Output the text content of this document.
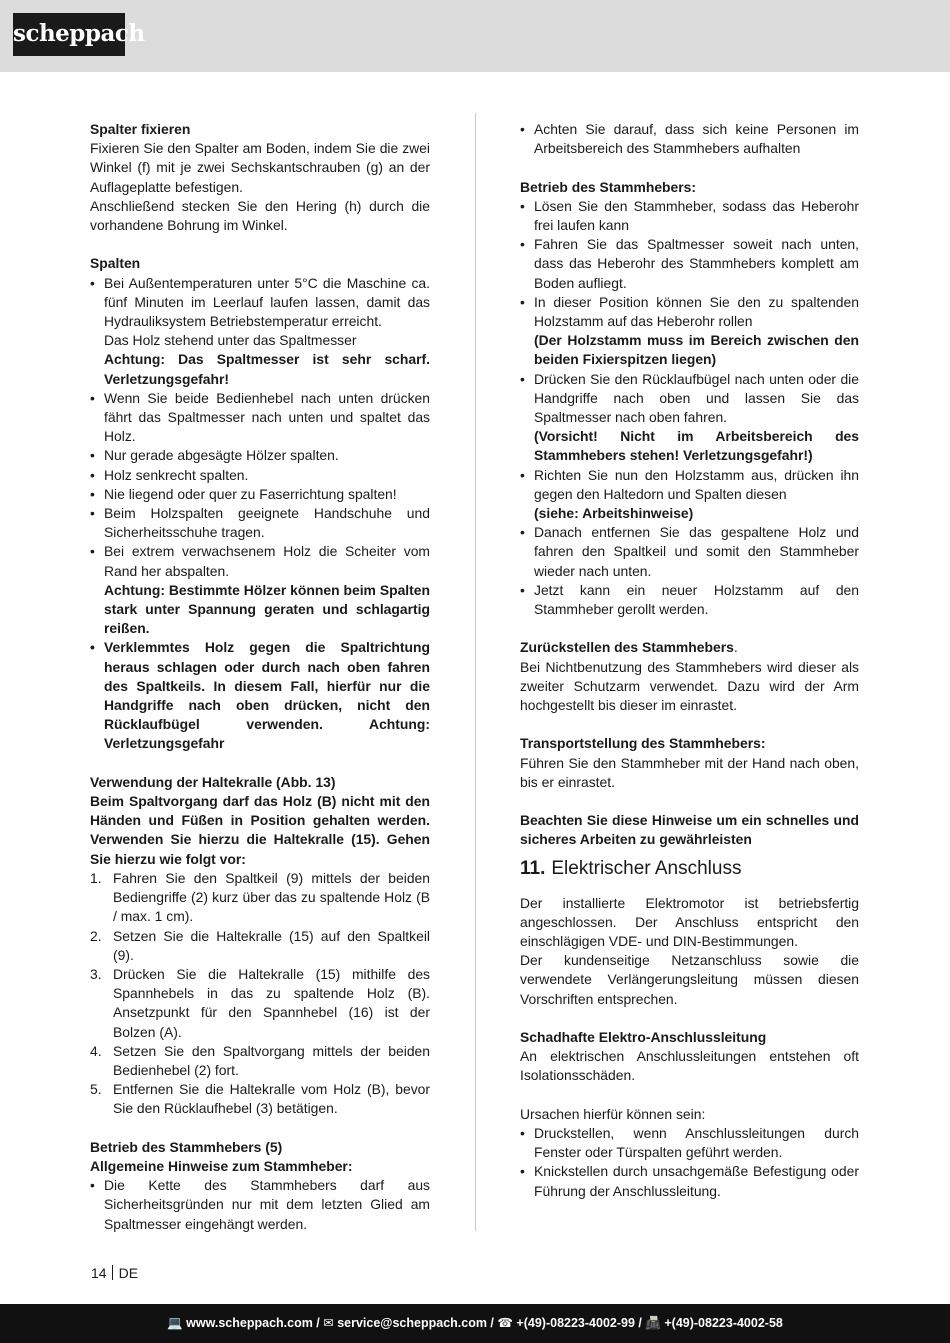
scheppach

Spalter fixieren

Fixieren Sie den Spalter am Boden, indem Sie die zwei Winkel (f) mit je zwei Sechskantschrauben (g) an der Auflageplatte befestigen.

Anschließend stecken Sie den Hering (h) durch die vorhandene Bohrung im Winkel.

Spalten

• Bei Außentemperaturen unter 5°C die Maschine ca. fünf Minuten im Leerlauf laufen lassen, damit das Hydrauliksystem Betriebstemperatur erreicht.
Das Holz stehend unter das Spaltmesser
Achtung: Das Spaltmesser ist sehr scharf. Verletzungsgefahr!
• Wenn Sie beide Bedienhebel nach unten drücken fährt das Spaltmesser nach unten und spaltet das Holz.
• Nur gerade abgesägte Hölzer spalten.
• Holz senkrecht spalten.
• Nie liegend oder quer zu Faserrichtung spalten!
• Beim Holzspalten geeignete Handschuhe und Sicherheitsschuhe tragen.
• Bei extrem verwachsenem Holz die Scheiter vom Rand her abspalten.
Achtung: Bestimmte Hölzer können beim Spalten stark unter Spannung geraten und schlagartig reißen.
• Verklemmtes Holz gegen die Spaltrichtung heraus schlagen oder durch nach oben fahren des Spaltkeils. In diesem Fall, hierfür nur die Handgriffe nach oben drücken, nicht den Rücklaufbügel verwenden. Achtung: Verletzungsgefahr

Verwendung der Haltekralle (Abb. 13)

Beim Spaltvorgang darf das Holz (B) nicht mit den Händen und Füßen in Position gehalten werden. Verwenden Sie hierzu die Haltekralle (15). Gehen Sie hierzu wie folgt vor:

1. Fahren Sie den Spaltkeil (9) mittels der beiden Bediengriffe (2) kurz über das zu spaltende Holz (B / max. 1 cm).
2. Setzen Sie die Haltekralle (15) auf den Spaltkeil (9).
3. Drücken Sie die Haltekralle (15) mithilfe des Spannhebels in das zu spaltende Holz (B). Ansetzpunkt für den Spannhebel (16) ist der Bolzen (A).
4. Setzen Sie den Spaltvorgang mittels der beiden Bedienhebel (2) fort.
5. Entfernen Sie die Haltekralle vom Holz (B), bevor Sie den Rücklaufhebel (3) betätigen.

Betrieb des Stammhebers (5)

Allgemeine Hinweise zum Stammheber:

• Die Kette des Stammhebers darf aus Sicherheitsgründen nur mit dem letzten Glied am Spaltmesser eingehängt werden.
• Achten Sie darauf, dass sich keine Personen im Arbeitsbereich des Stammhebers aufhalten

Betrieb des Stammhebers:

• Lösen Sie den Stammheber, sodass das Heberohr frei laufen kann
• Fahren Sie das Spaltmesser soweit nach unten, dass das Heberohr des Stammhebers komplett am Boden aufliegt.
• In dieser Position können Sie den zu spaltenden Holzstamm auf das Heberohr rollen
(Der Holzstamm muss im Bereich zwischen den beiden Fixierspitzen liegen)
• Drücken Sie den Rücklaufbügel nach unten oder die Handgriffe nach oben und lassen Sie das Spaltmesser nach oben fahren.
(Vorsicht! Nicht im Arbeitsbereich des Stammhebers stehen! Verletzungsgefahr!)
• Richten Sie nun den Holzstamm aus, drücken ihn gegen den Haltedorn und Spalten diesen
(siehe: Arbeitshinweise)
• Danach entfernen Sie das gespaltene Holz und fahren den Spaltkeil und somit den Stammheber wieder nach unten.
• Jetzt kann ein neuer Holzstamm auf den Stammheber gerollt werden.

Zurückstellen des Stammhebers.

Bei Nichtbenutzung des Stammhebers wird dieser als zweiter Schutzarm verwendet. Dazu wird der Arm hochgestellt bis dieser im einrastet.

Transportstellung des Stammhebers:

Führen Sie den Stammheber mit der Hand nach oben, bis er einrastet.

Beachten Sie diese Hinweise um ein schnelles und sicheres Arbeiten zu gewährleisten

11. Elektrischer Anschluss

Der installierte Elektromotor ist betriebsfertig angeschlossen. Der Anschluss entspricht den einschlägigen VDE- und DIN-Bestimmungen.

Der kundenseitige Netzanschluss sowie die verwendete Verlängerungsleitung müssen diesen Vorschriften entsprechen.

Schadhafte Elektro-Anschlussleitung

An elektrischen Anschlussleitungen entstehen oft Isolationsschäden.

Ursachen hierfür können sein:

• Druckstellen, wenn Anschlussleitungen durch Fenster oder Türspalten geführt werden.
• Knickstellen durch unsachgemäße Befestigung oder Führung der Anschlussleitung.
14 DE
💻 www.scheppach.com / ✉ service@scheppach.com / ☎ +(49)-08223-4002-99 / 📠 +(49)-08223-4002-58
